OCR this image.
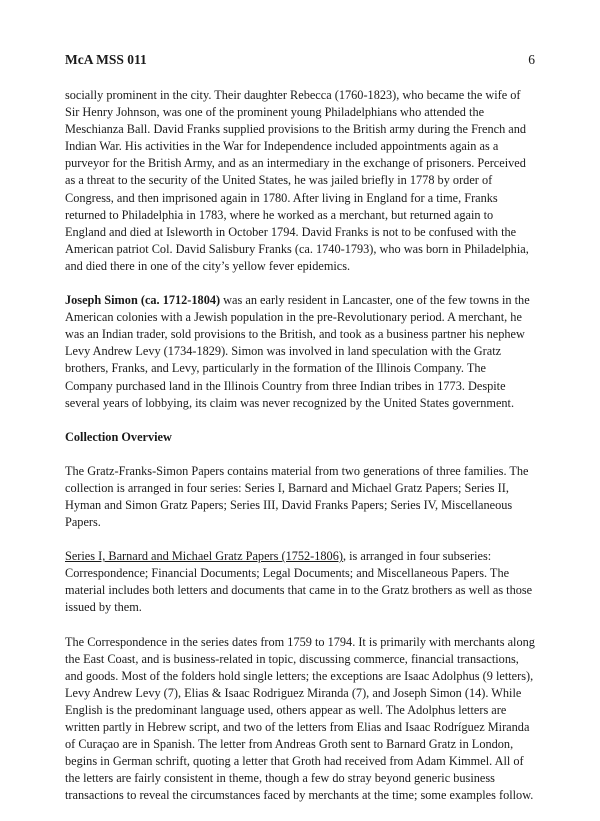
McA MSS 011	6

socially prominent in the city. Their daughter Rebecca (1760-1823), who became the wife of Sir Henry Johnson, was one of the prominent young Philadelphians who attended the Meschianza Ball. David Franks supplied provisions to the British army during the French and Indian War. His activities in the War for Independence included appointments again as a purveyor for the British Army, and as an intermediary in the exchange of prisoners. Perceived as a threat to the security of the United States, he was jailed briefly in 1778 by order of Congress, and then imprisoned again in 1780. After living in England for a time, Franks returned to Philadelphia in 1783, where he worked as a merchant, but returned again to England and died at Isleworth in October 1794. David Franks is not to be confused with the American patriot Col. David Salisbury Franks (ca. 1740-1793), who was born in Philadelphia, and died there in one of the city’s yellow fever epidemics.

Joseph Simon (ca. 1712-1804) was an early resident in Lancaster, one of the few towns in the American colonies with a Jewish population in the pre-Revolutionary period. A merchant, he was an Indian trader, sold provisions to the British, and took as a business partner his nephew Levy Andrew Levy (1734-1829). Simon was involved in land speculation with the Gratz brothers, Franks, and Levy, particularly in the formation of the Illinois Company. The Company purchased land in the Illinois Country from three Indian tribes in 1773. Despite several years of lobbying, its claim was never recognized by the United States government.

Collection Overview

The Gratz-Franks-Simon Papers contains material from two generations of three families. The collection is arranged in four series: Series I, Barnard and Michael Gratz Papers; Series II, Hyman and Simon Gratz Papers; Series III, David Franks Papers; Series IV, Miscellaneous Papers.

Series I, Barnard and Michael Gratz Papers (1752-1806), is arranged in four subseries: Correspondence; Financial Documents; Legal Documents; and Miscellaneous Papers. The material includes both letters and documents that came in to the Gratz brothers as well as those issued by them.

The Correspondence in the series dates from 1759 to 1794. It is primarily with merchants along the East Coast, and is business-related in topic, discussing commerce, financial transactions, and goods. Most of the folders hold single letters; the exceptions are Isaac Adolphus (9 letters), Levy Andrew Levy (7), Elias & Isaac Rodriguez Miranda (7), and Joseph Simon (14). While English is the predominant language used, others appear as well. The Adolphus letters are written partly in Hebrew script, and two of the letters from Elias and Isaac Rodríguez Miranda of Curaçao are in Spanish. The letter from Andreas Groth sent to Barnard Gratz in London, begins in German schrift, quoting a letter that Groth had received from Adam Kimmel. All of the letters are fairly consistent in theme, though a few do stray beyond generic business transactions to reveal the circumstances faced by merchants at the time; some examples follow.
